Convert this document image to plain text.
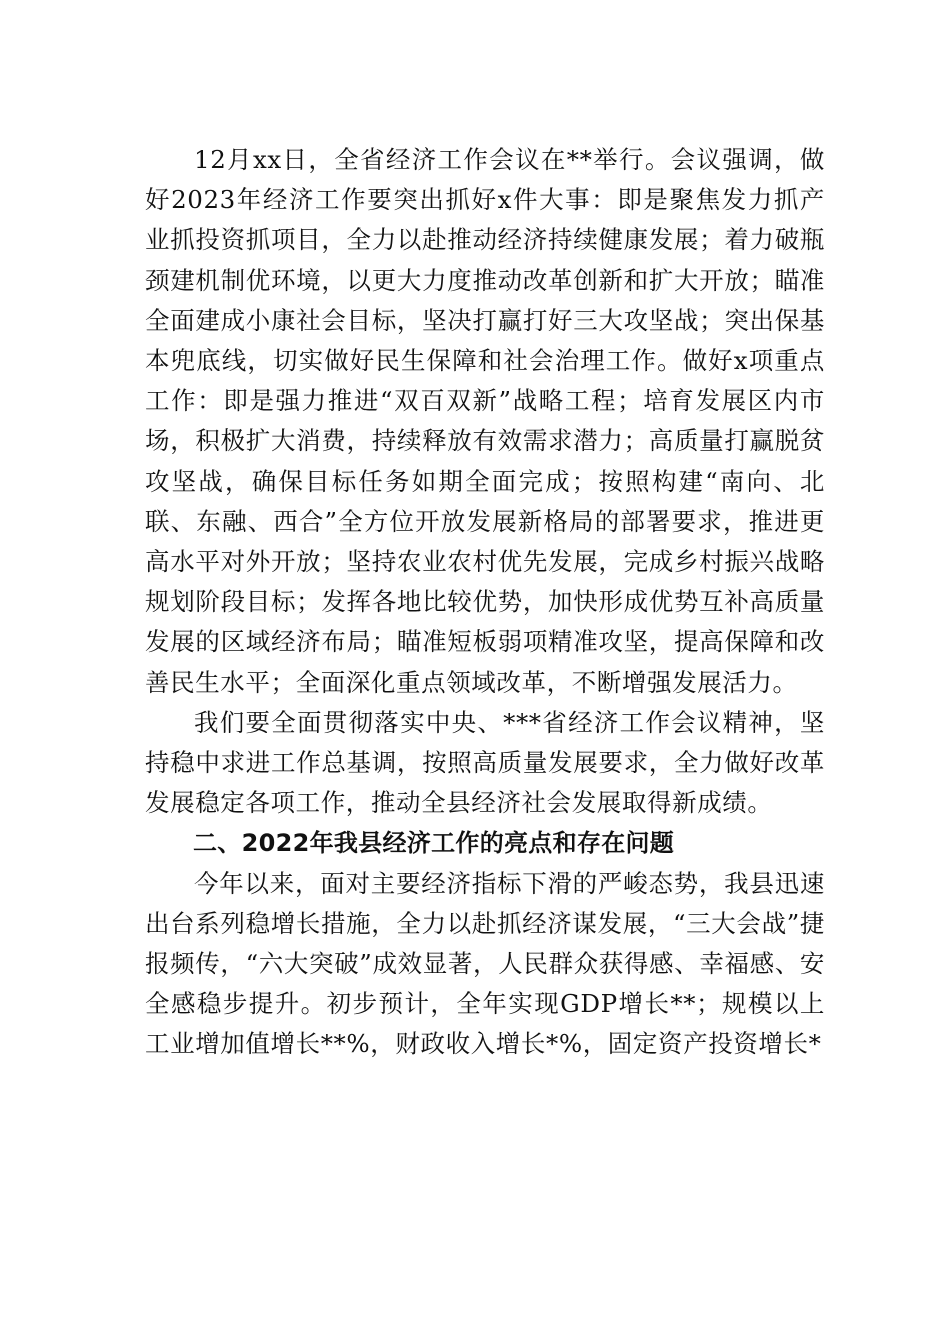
12月xx日，全省经济工作会议在**举行。会议强调，做好2023年经济工作要突出抓好x件大事：即是聚焦发力抓产业抓投资抓项目，全力以赴推动经济持续健康发展；着力破瓶颈建机制优环境，以更大力度推动改革创新和扩大开放；瞄准全面建成小康社会目标，坚决打赢打好三大攻坚战；突出保基本兜底线，切实做好民生保障和社会治理工作。做好x项重点工作：即是强力推进“双百双新”战略工程；培育发展区内市场，积极扩大消费，持续释放有效需求潜力；高质量打赢脱贫攻坚战，确保目标任务如期全面完成；按照构建“南向、北联、东融、西合”全方位开放发展新格局的部署要求，推进更高水平对外开放；坚持农业农村优先发展，完成乡村振兴战略规划阶段目标；发挥各地比较优势，加快形成优势互补高质量发展的区域经济布局；瞄准短板弱项精准攻坚，提高保障和改善民生水平；全面深化重点领域改革，不断增强发展活力。

我们要全面贯彻落实中央、***省经济工作会议精神，坚持稳中求进工作总基调，按照高质量发展要求，全力做好改革发展稳定各项工作，推动全县经济社会发展取得新成绩。

二、2022年我县经济工作的亮点和存在问题

今年以来，面对主要经济指标下滑的严峻态势，我县迅速出台系列稳增长措施，全力以赴抓经济谋发展，“三大会战”捷报频传，“六大突破”成效显著，人民群众获得感、幸福感、安全感稳步提升。初步预计，全年实现GDP增长**；规模以上工业增加值增长**%，财政收入增长*%，固定资产投资增长*
